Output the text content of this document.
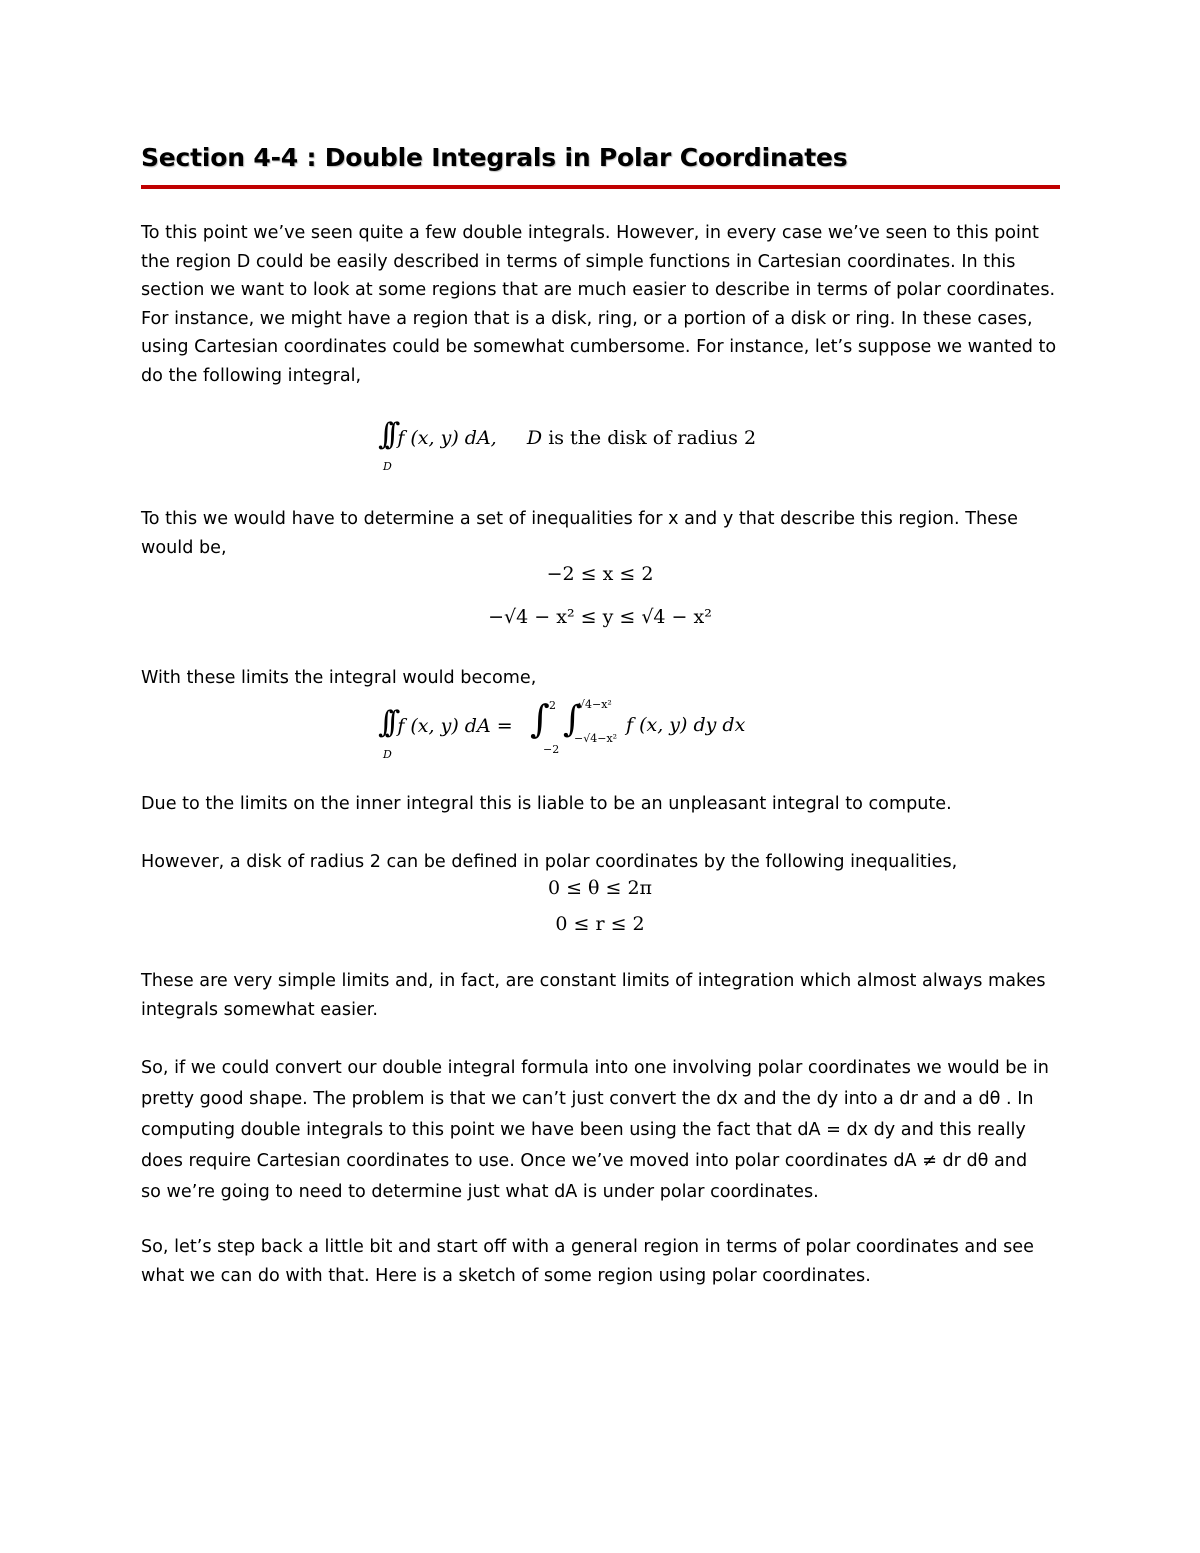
Section 4-4 : Double Integrals in Polar Coordinates
To this point we’ve seen quite a few double integrals. However, in every case we’ve seen to this point
the region D could be easily described in terms of simple functions in Cartesian coordinates. In this
section we want to look at some regions that are much easier to describe in terms of polar coordinates.
For instance, we might have a region that is a disk, ring, or a portion of a disk or ring. In these cases,
using Cartesian coordinates could be somewhat cumbersome. For instance, let’s suppose we wanted to
do the following integral,
∫∫ f (x, y) dA, D is the disk of radius 2
D
To this we would have to determine a set of inequalities for x and y that describe this region. These
would be,
−2 ≤ x ≤ 2
−√4 − x² ≤ y ≤ √4 − x²
With these limits the integral would become,
∫∫ f (x, y) dA =
D
∫ 2
−2
∫ √4−x²
−√4−x²
f (x, y) dy dx
Due to the limits on the inner integral this is liable to be an unpleasant integral to compute.
However, a disk of radius 2 can be defined in polar coordinates by the following inequalities,
0 ≤ θ ≤ 2π
0 ≤ r ≤ 2
These are very simple limits and, in fact, are constant limits of integration which almost always makes
integrals somewhat easier.
So, if we could convert our double integral formula into one involving polar coordinates we would be in
pretty good shape. The problem is that we can’t just convert the dx and the dy into a dr and a dθ . In
computing double integrals to this point we have been using the fact that dA = dx dy and this really
does require Cartesian coordinates to use. Once we’ve moved into polar coordinates dA ≠ dr dθ and
so we’re going to need to determine just what dA is under polar coordinates.
So, let’s step back a little bit and start off with a general region in terms of polar coordinates and see
what we can do with that. Here is a sketch of some region using polar coordinates.
